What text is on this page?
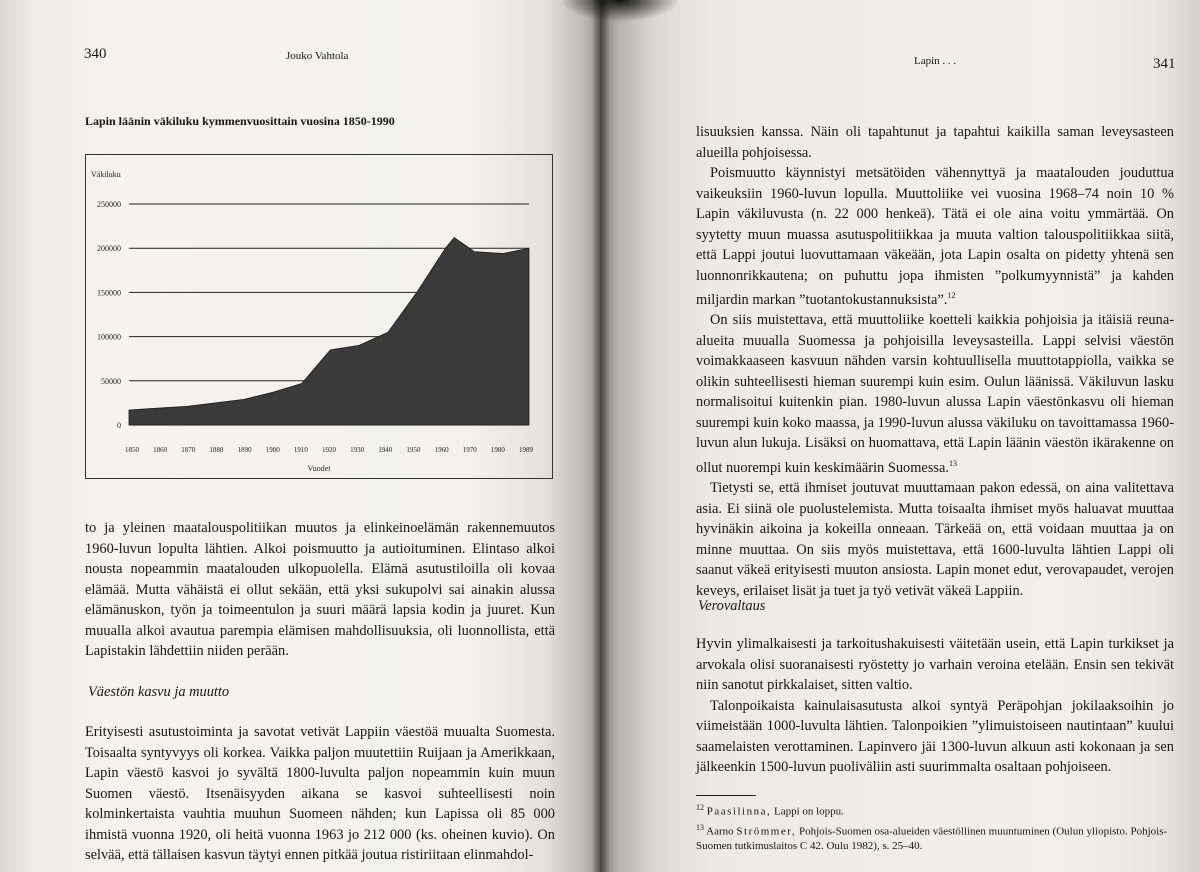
340	Jouko Vahtola
Lapin läänin väkiluku kymmenvuosittain vuosina 1850-1990
Väkiluku
0
50000
100000
150000
200000
250000
1850 1860 1870 1880 1890 1900 1910 1920 1930 1940 1950 1960 1970 1980 1989
Vuodet

to ja yleinen maatalouspolitiikan muutos ja elinkeinoelämän rakennemuutos 1960-luvun lopulta lähtien. Alkoi poismuutto ja autioituminen. Elintaso alkoi nousta nopeammin maatalouden ulkopuolella. Elämä asutustiloilla oli kovaa elämää. Mutta vähäistä ei ollut sekään, että yksi sukupolvi sai ainakin alussa elämänuskon, työn ja toimeentulon ja suuri määrä lapsia kodin ja juuret. Kun muualla alkoi avautua parempia elämisen mahdollisuuksia, oli luonnollista, että Lapistakin lähdettiin niiden perään.

Väestön kasvu ja muutto

Erityisesti asutustoiminta ja savotat vetivät Lappiin väestöä muualta Suomesta. Toisaalta syntyvyys oli korkea. Vaikka paljon muutettiin Ruijaan ja Amerikkaan, Lapin väestö kasvoi jo syvältä 1800-luvulta paljon nopeammin kuin muun Suomen väestö. Itsenäisyyden aikana se kasvoi suhteellisesti noin kolminkertaista vauhtia muuhun Suomeen nähden; kun Lapissa oli 85 000 ihmistä vuonna 1920, oli heitä vuonna 1963 jo 212 000 (ks. oheinen kuvio). On selvää, että tällaisen kasvun täytyi ennen pitkää joutua ristiriitaan elinmahdol-

Lapin . . .	341

lisuuksien kanssa. Näin oli tapahtunut ja tapahtui kaikilla saman leveysasteen alueilla pohjoisessa.

Poismuutto käynnistyi metsätöiden vähennyttyä ja maatalouden jouduttua vaikeuksiin 1960-luvun lopulla. Muuttoliike vei vuosina 1968–74 noin 10 % Lapin väkiluvusta (n. 22 000 henkeä). Tätä ei ole aina voitu ymmärtää. On syytetty muun muassa asutuspolitiikkaa ja muuta valtion talouspolitiikkaa siitä, että Lappi joutui luovuttamaan väkeään, jota Lapin osalta on pidetty yhtenä sen luonnonrikkautena; on puhuttu jopa ihmisten ”polkumyynnistä” ja kahden miljardin markan ”tuotantokustannuksista”.$^{12}$

On siis muistettava, että muuttoliike koetteli kaikkia pohjoisia ja itäisiä reuna-alueita muualla Suomessa ja pohjoisilla leveysasteilla. Lappi selvisi väestön voimakkaaseen kasvuun nähden varsin kohtuullisella muuttotappiolla, vaikka se olikin suhteellisesti hieman suurempi kuin esim. Oulun läänissä. Väkiluvun lasku normalisoitui kuitenkin pian. 1980-luvun alussa Lapin väestönkasvu oli hieman suurempi kuin koko maassa, ja 1990-luvun alussa väkiluku on tavoittamassa 1960-luvun alun lukuja. Lisäksi on huomattava, että Lapin läänin väestön ikärakenne on ollut nuorempi kuin keskimäärin Suomessa.$^{13}$

Tietysti se, että ihmiset joutuvat muuttamaan pakon edessä, on aina valitettava asia. Ei siinä ole puolustelemista. Mutta toisaalta ihmiset myös haluavat muuttaa hyvinäkin aikoina ja kokeilla onneaan. Tärkeää on, että voidaan muuttaa ja on minne muuttaa. On siis myös muistettava, että 1600-luvulta lähtien Lappi oli saanut väkeä erityisesti muuton ansiosta. Lapin monet edut, verovapaudet, verojen keveys, erilaiset lisät ja tuet ja työ vetivät väkeä Lappiin.

Verovaltaus

Hyvin ylimalkaisesti ja tarkoitushakuisesti väitetään usein, että Lapin turkikset ja arvokala olisi suoranaisesti ryöstetty jo varhain veroina etelään. Ensin sen tekivät niin sanotut pirkkalaiset, sitten valtio.

Talonpoikaista kainulaisasutusta alkoi syntyä Peräpohjan jokilaaksoihin jo viimeistään 1000-luvulta lähtien. Talonpoikien ”ylimuistoiseen nautintaan” kuului saamelaisten verottaminen. Lapinvero jäi 1300-luvun alkuun asti kokonaan ja sen jälkeenkin 1500-luvun puoliväliin asti suurimmalta osaltaan pohjoiseen.

$^{12}$ Paasilinna, Lappi on loppu.

$^{13}$ Aarno Strömmer, Pohjois-Suomen osa-alueiden väestöllinen muuntuminen (Oulun yliopisto. Pohjois-Suomen tutkimuslaitos C 42. Oulu 1982), s. 25–40.
